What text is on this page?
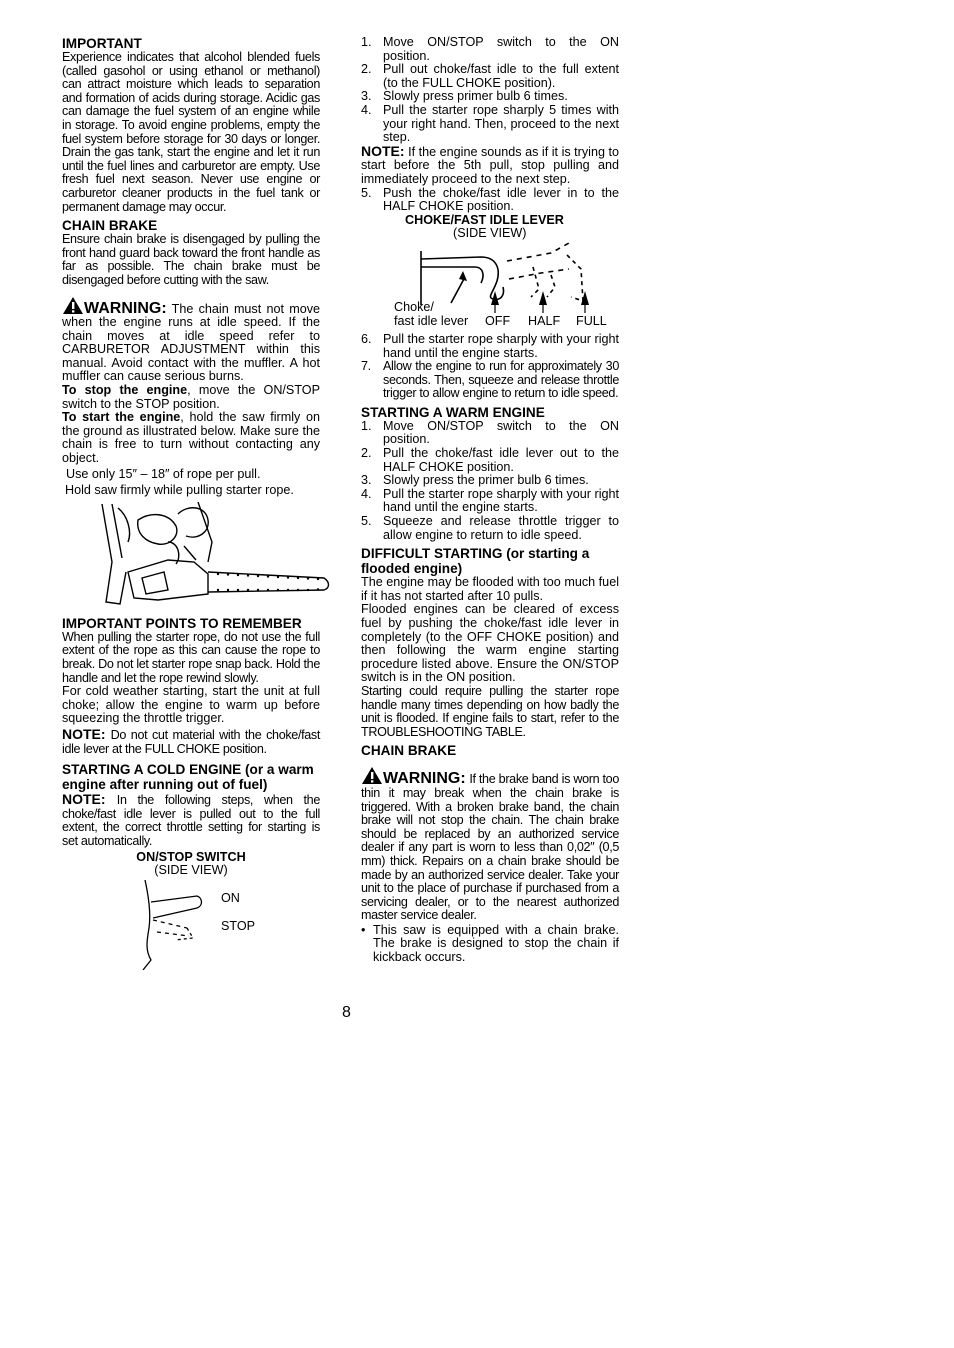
IMPORTANT

Experience indicates that alcohol blended fuels (called gasohol or using ethanol or methanol) can attract moisture which leads to separation and formation of acids during storage. Acidic gas can damage the fuel system of an engine while in storage. To avoid engine problems, empty the fuel system before storage for 30 days or longer. Drain the gas tank, start the engine and let it run until the fuel lines and carburetor are empty. Use fresh fuel next season. Never use engine or carburetor cleaner products in the fuel tank or permanent damage may occur.

CHAIN BRAKE

Ensure chain brake is disengaged by pulling the front hand guard back toward the front handle as far as possible. The chain brake must be disengaged before cutting with the saw.

WARNING: The chain must not move when the engine runs at idle speed. If the chain moves at idle speed refer to CARBURETOR ADJUSTMENT within this manual. Avoid contact with the muffler. A hot muffler can cause serious burns.

To stop the engine, move the ON/STOP switch to the STOP position.

To start the engine, hold the saw firmly on the ground as illustrated below. Make sure the chain is free to turn without contacting any object.

Use only 15″ – 18″ of rope per pull.

Hold saw firmly while pulling starter rope.

IMPORTANT POINTS TO REMEMBER

When pulling the starter rope, do not use the full extent of the rope as this can cause the rope to break. Do not let starter rope snap back. Hold the handle and let the rope rewind slowly.

For cold weather starting, start the unit at full choke; allow the engine to warm up before squeezing the throttle trigger.

NOTE: Do not cut material with the choke/fast idle lever at the FULL CHOKE position.

STARTING A COLD ENGINE (or a warm engine after running out of fuel)

NOTE: In the following steps, when the choke/fast idle lever is pulled out to the full extent, the correct throttle setting for starting is set automatically.

ON/STOP SWITCH
(SIDE VIEW)
ON
STOP
1. Move ON/STOP switch to the ON position.
2. Pull out choke/fast idle to the full extent (to the FULL CHOKE position).
3. Slowly press primer bulb 6 times.
4. Pull the starter rope sharply 5 times with your right hand. Then, proceed to the next step.

NOTE: If the engine sounds as if it is trying to start before the 5th pull, stop pulling and immediately proceed to the next step.

5. Push the choke/fast idle lever in to the HALF CHOKE position.
CHOKE/FAST IDLE LEVER
(SIDE VIEW)
Choke/
fast idle lever OFF HALF FULL
6. Pull the starter rope sharply with your right hand until the engine starts.
7. Allow the engine to run for approximately 30 seconds. Then, squeeze and release throttle trigger to allow engine to return to idle speed.
STARTING A WARM ENGINE
1. Move ON/STOP switch to the ON position.
2. Pull the choke/fast idle lever out to the HALF CHOKE position.
3. Slowly press the primer bulb 6 times.
4. Pull the starter rope sharply with your right hand until the engine starts.
5. Squeeze and release throttle trigger to allow engine to return to idle speed.
DIFFICULT STARTING (or starting a flooded engine)

The engine may be flooded with too much fuel if it has not started after 10 pulls.

Flooded engines can be cleared of excess fuel by pushing the choke/fast idle lever in completely (to the OFF CHOKE position) and then following the warm engine starting procedure listed above. Ensure the ON/STOP switch is in the ON position.

Starting could require pulling the starter rope handle many times depending on how badly the unit is flooded. If engine fails to start, refer to the TROUBLESHOOTING TABLE.

CHAIN BRAKE

WARNING: If the brake band is worn too thin it may break when the chain brake is triggered. With a broken brake band, the chain brake will not stop the chain. The chain brake should be replaced by an authorized service dealer if any part is worn to less than 0,02″ (0,5 mm) thick. Repairs on a chain brake should be made by an authorized service dealer. Take your unit to the place of purchase if purchased from a servicing dealer, or to the nearest authorized master service dealer.

• This saw is equipped with a chain brake. The brake is designed to stop the chain if kickback occurs.
8
